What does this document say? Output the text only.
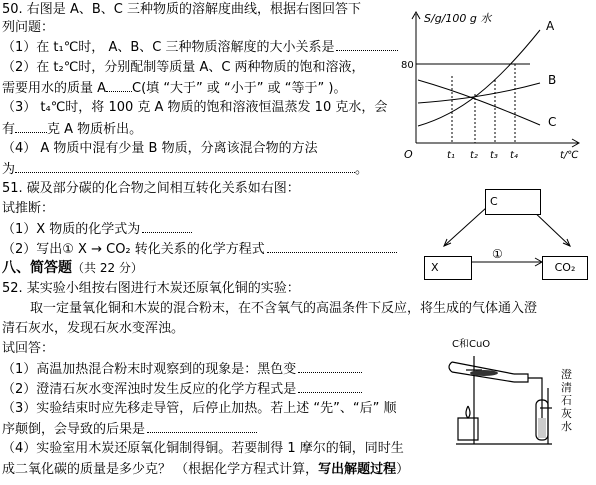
50. 右图是 A、B、C 三种物质的溶解度曲线，根据右图回答下
列问题：
（1）在 t₁℃时， A、B、C 三种物质溶解度的大小关系是
（2）在 t₂℃时，分别配制等质量 A、C 两种物质的饱和溶液，
需要用水的质量 A C(填 “大于” 或 “小于” 或 “等于” )。
（3） t₄℃时，将 100 克 A 物质的饱和溶液恒温蒸发 10 克水，会
有 克 A 物质析出。
（4） A 物质中混有少量 B 物质，分离该混合物的方法
为	。
S/g/100 g 水
80
O	t₁ t₂ t₃ t₄	t/℃
A
B
C
51. 碳及部分碳的化合物之间相互转化关系如右图：
试推断：
（1）X 物质的化学式为
（2）写出① X → CO₂ 转化关系的化学方程式
C
X	CO₂
①
八、简答题（共 22 分）
52. 某实验小组按右图进行木炭还原氧化铜的实验：
取一定量氧化铜和木炭的混合粉末，在不含氧气的高温条件下反应，将生成的气体通入澄
清石灰水，发现石灰水变浑浊。
试回答：
（1）高温加热混合粉末时观察到的现象是：黑色变
（2）澄清石灰水变浑浊时发生反应的化学方程式是
（3）实验结束时应先移走导管，后停止加热。若上述 “先”、“后” 顺
序颠倒，会导致的后果是
（4）实验室用木炭还原氧化铜制得铜。若要制得 1 摩尔的铜，同时生
成二氧化碳的质量是多少克？ （根据化学方程式计算，写出解题过程）
C和CuO
澄清石灰水
